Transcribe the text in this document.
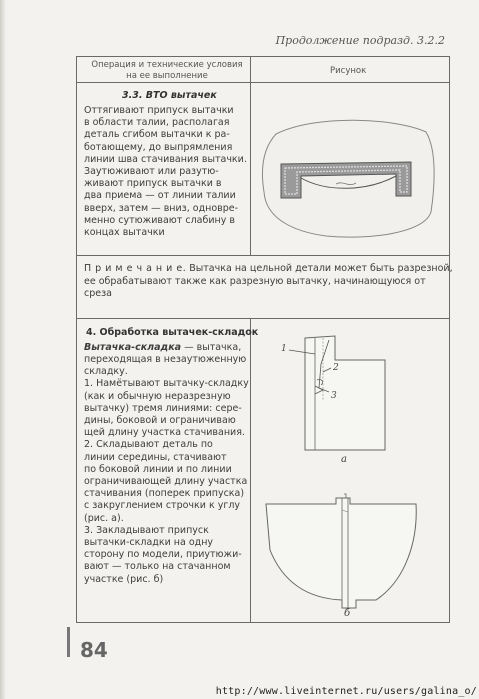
Продолжение подразд. 3.2.2
Операция и технические условия
на ее выполнение	Рисунок
3.3. ВТО вытачек
Оттягивают припуск вытачки
в области талии, располагая
деталь сгибом вытачки к ра-
ботающему, до выпрямления
линии шва стачивания вытачки.
Заутюживают или разутю-
живают припуск вытачки в
два приема — от линии талии
вверх, затем — вниз, одновре-
менно сутюживают слабину в
концах вытачки
П р и м е ч а н и е. Вытачка на цельной детали может быть разрезной,
ее обрабатывают также как разрезную вытачку, начинающуюся от
среза
4. Обработка вытачек-складок
Вытачка-складка — вытачка,
переходящая в незаутюженную
складку.
1. Намётывают вытачку-складку
(как и обычную неразрезную
вытачку) тремя линиями: сере-
дины, боковой и ограничиваю
щей длину участка стачивания.
2. Складывают деталь по
линии середины, стачивают
по боковой линии и по линии
ограничивающей длину участка
стачивания (поперек припуска)
с закруглением строчки к углу
(рис. а).
3. Закладывают припуск
вытачки-складки на одну
сторону по модели, приутюжи-
вают — только на стачанном
участке (рис. б)
1
2
3
а
б
84
http://www.liveinternet.ru/users/galina_o/
